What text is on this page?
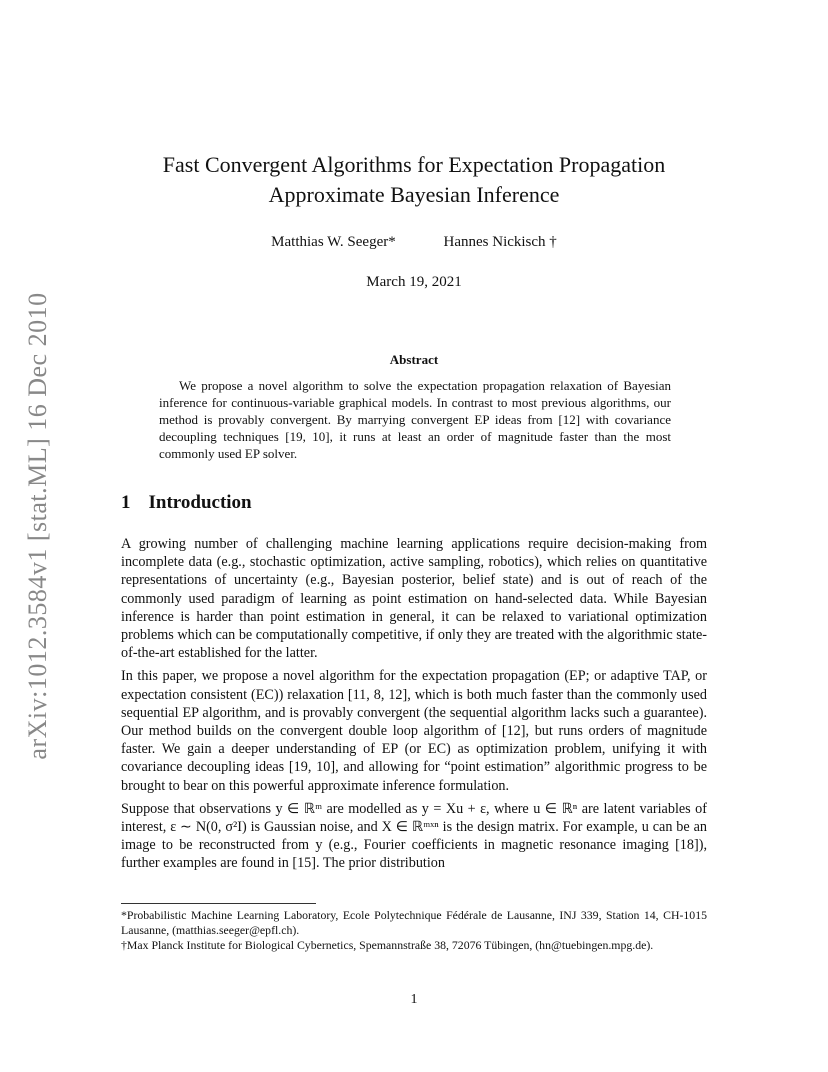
arXiv:1012.3584v1 [stat.ML] 16 Dec 2010
Fast Convergent Algorithms for Expectation Propagation
Approximate Bayesian Inference
Matthias W. Seeger*	Hannes Nickisch †
March 19, 2021
Abstract

We propose a novel algorithm to solve the expectation propagation relaxation of Bayesian inference for continuous-variable graphical models. In contrast to most previous algorithms, our method is provably convergent. By marrying convergent EP ideas from [12] with covariance decoupling techniques [19, 10], it runs at least an order of magnitude faster than the most commonly used EP solver.

1 Introduction

A growing number of challenging machine learning applications require decision-making from incomplete data (e.g., stochastic optimization, active sampling, robotics), which relies on quantitative representations of uncertainty (e.g., Bayesian posterior, belief state) and is out of reach of the commonly used paradigm of learning as point estimation on hand-selected data. While Bayesian inference is harder than point estimation in general, it can be relaxed to variational optimization problems which can be computationally competitive, if only they are treated with the algorithmic state-of-the-art established for the latter.

In this paper, we propose a novel algorithm for the expectation propagation (EP; or adaptive TAP, or expectation consistent (EC)) relaxation [11, 8, 12], which is both much faster than the commonly used sequential EP algorithm, and is provably convergent (the sequential algorithm lacks such a guarantee). Our method builds on the convergent double loop algorithm of [12], but runs orders of magnitude faster. We gain a deeper understanding of EP (or EC) as optimization problem, unifying it with covariance decoupling ideas [19, 10], and allowing for “point estimation” algorithmic progress to be brought to bear on this powerful approximate inference formulation.

Suppose that observations y ∈ ℝᵐ are modelled as y = Xu + ε, where u ∈ ℝⁿ are latent variables of interest, ε ∼ N(0, σ²I) is Gaussian noise, and X ∈ ℝᵐˣⁿ is the design matrix. For example, u can be an image to be reconstructed from y (e.g., Fourier coefficients in magnetic resonance imaging [18]), further examples are found in [15]. The prior distribution

*Probabilistic Machine Learning Laboratory, Ecole Polytechnique Fédérale de Lausanne, INJ 339, Station 14, CH-1015 Lausanne, (matthias.seeger@epfl.ch).
†Max Planck Institute for Biological Cybernetics, Spemannstraße 38, 72076 Tübingen, (hn@tuebingen.mpg.de).
1
